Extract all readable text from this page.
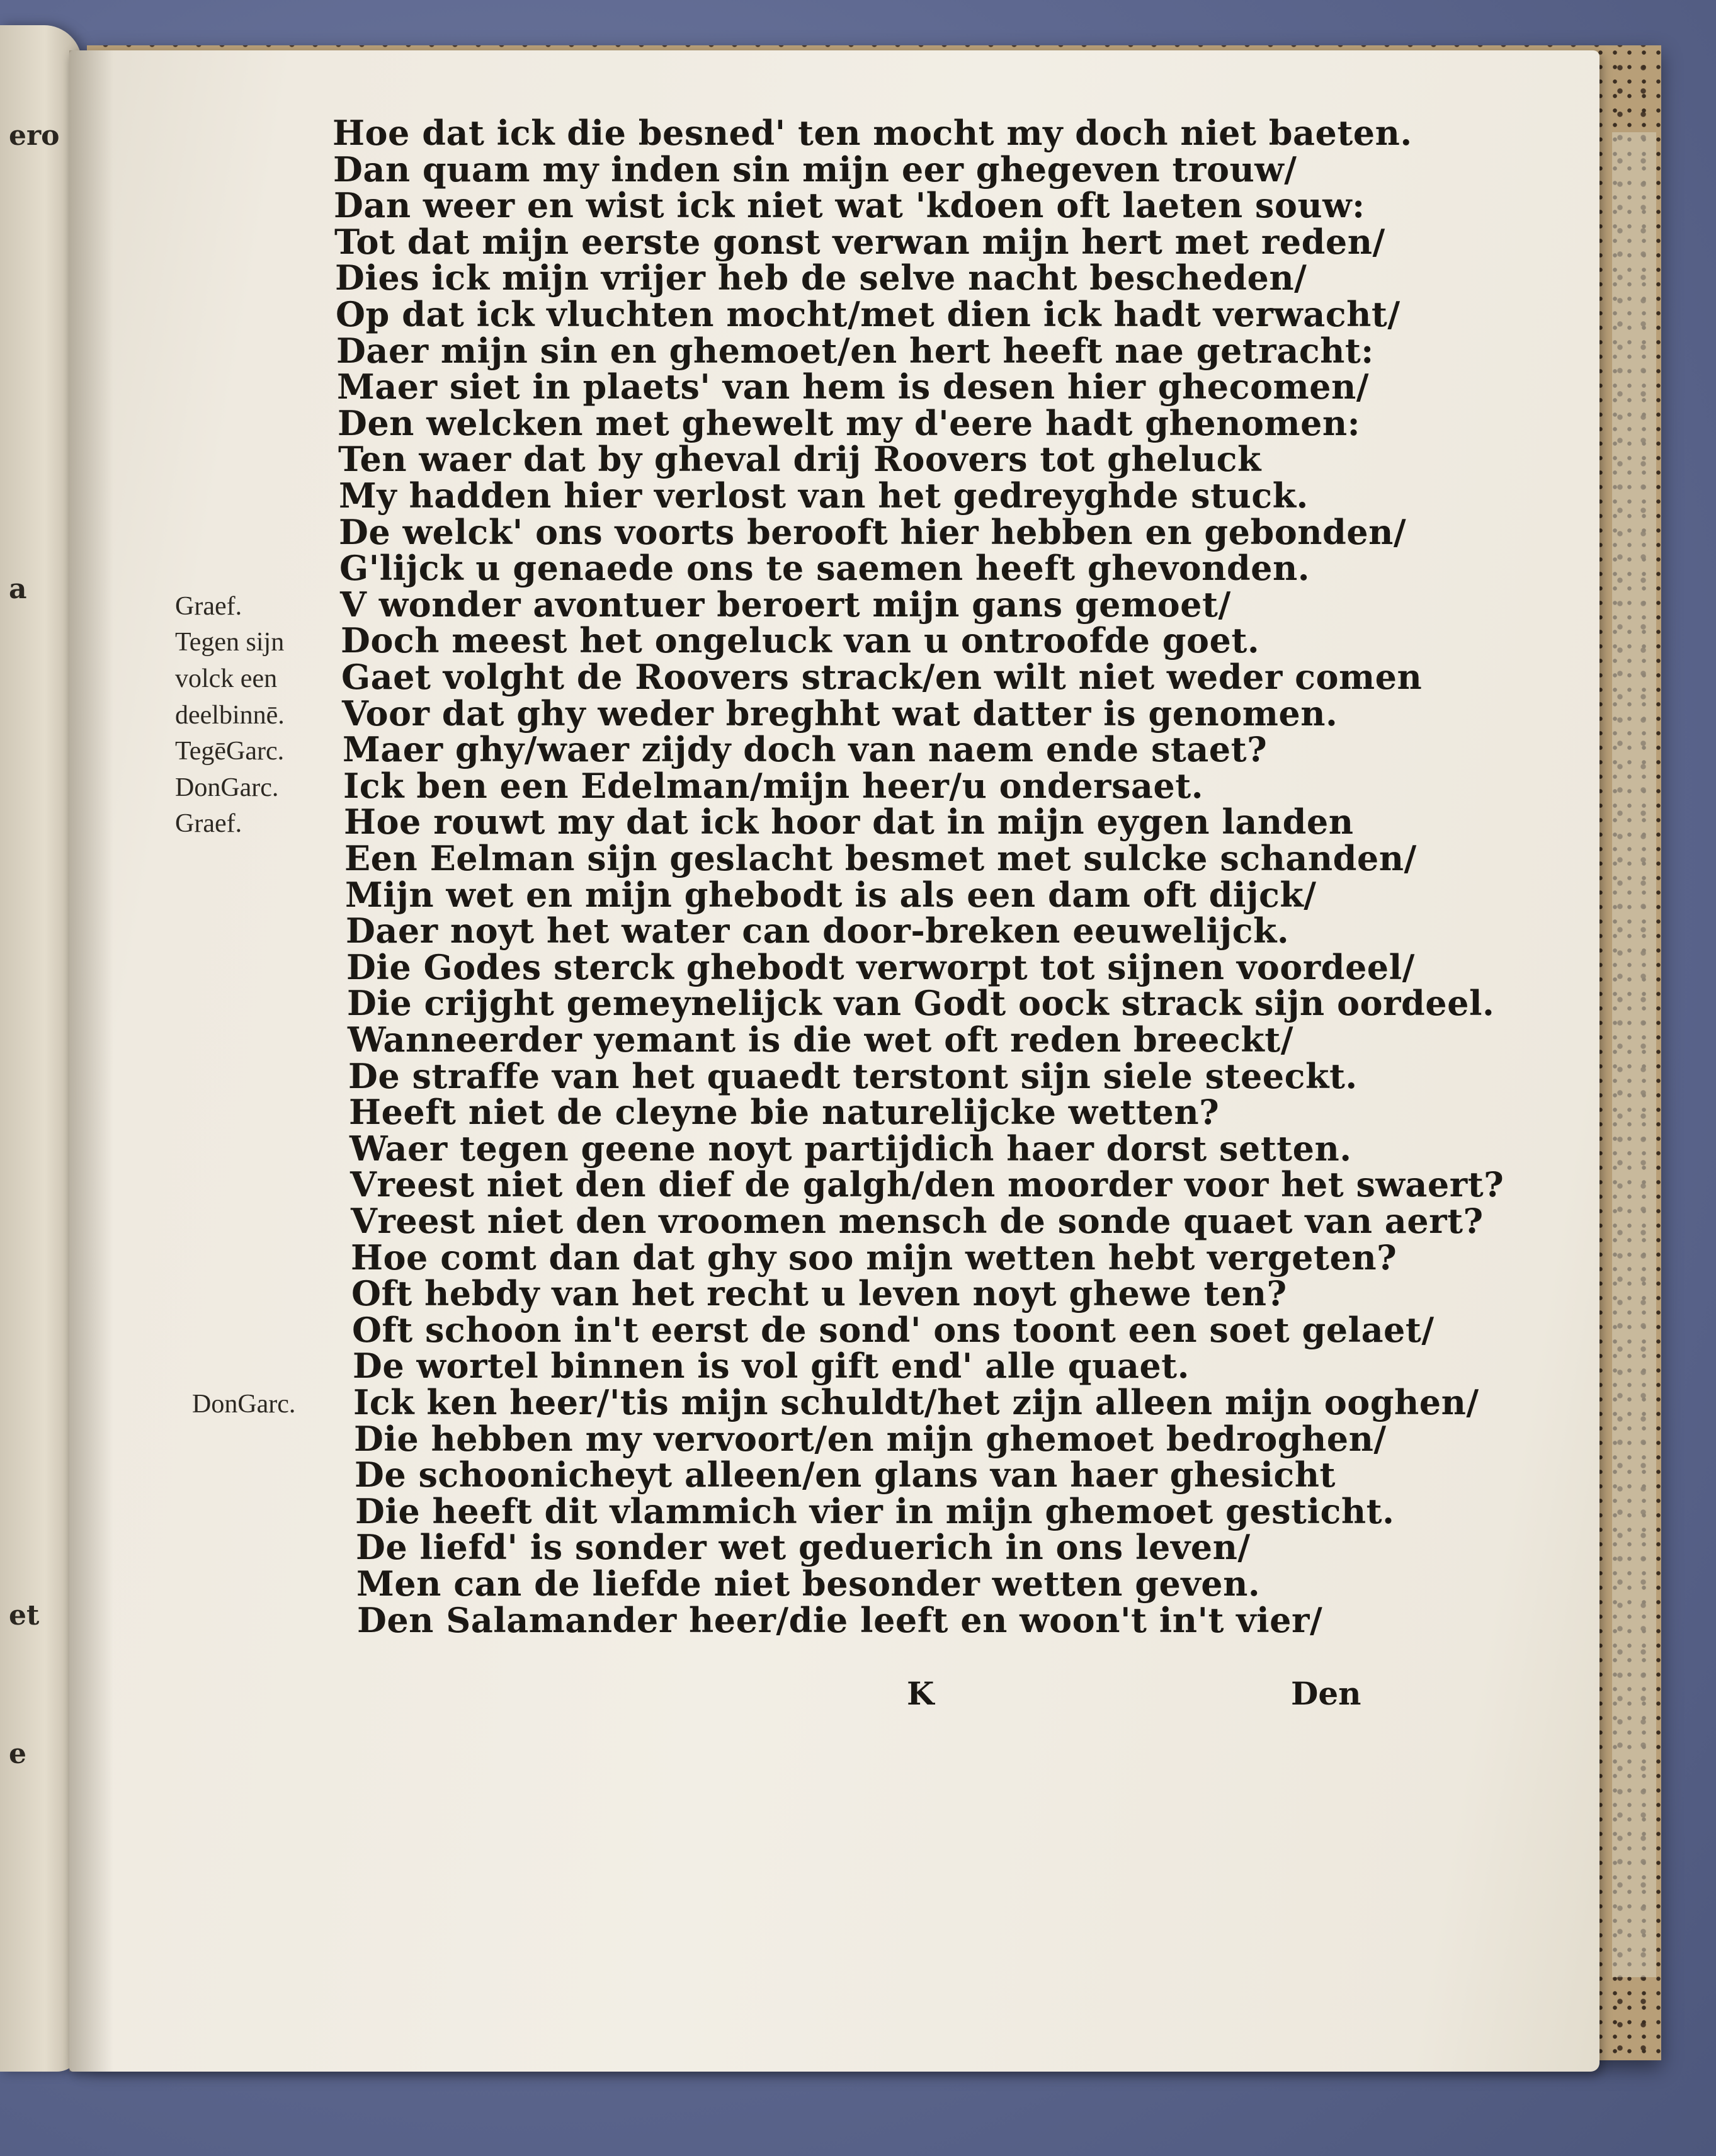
ero
a
et
e
Hoe dat ick die besned' ten mocht my doch niet baeten.
Dan quam my inden sin mijn eer ghegeven trouw/
Dan weer en wist ick niet wat 'kdoen oft laeten souw:
Tot dat mijn eerste gonst verwan mijn hert met reden/
Dies ick mijn vrijer heb de selve nacht bescheden/
Op dat ick vluchten mocht/met dien ick hadt verwacht/
Daer mijn sin en ghemoet/en hert heeft nae getracht:
Maer siet in plaets' van hem is desen hier ghecomen/
Den welcken met ghewelt my d'eere hadt ghenomen:
Ten waer dat by gheval drij Roovers tot gheluck
My hadden hier verlost van het gedreyghde stuck.
De welck' ons voorts berooft hier hebben en gebonden/
G'lijck u genaede ons te saemen heeft ghevonden.
V wonder avontuer beroert mijn gans gemoet/
Doch meest het ongeluck van u ontroofde goet.
Gaet volght de Roovers strack/en wilt niet weder comen
Voor dat ghy weder breghht wat datter is genomen.
Maer ghy/waer zijdy doch van naem ende staet?
Ick ben een Edelman/mijn heer/u ondersaet.
Hoe rouwt my dat ick hoor dat in mijn eygen landen
Een Eelman sijn geslacht besmet met sulcke schanden/
Mijn wet en mijn ghebodt is als een dam oft dijck/
Daer noyt het water can door-breken eeuwelijck.
Die Godes sterck ghebodt verworpt tot sijnen voordeel/
Die crijght gemeynelijck van Godt oock strack sijn oordeel.
Wanneerder yemant is die wet oft reden breeckt/
De straffe van het quaedt terstont sijn siele steeckt.
Heeft niet de cleyne bie naturelijcke wetten?
Waer tegen geene noyt partijdich haer dorst setten.
Vreest niet den dief de galgh/den moorder voor het swaert?
Vreest niet den vroomen mensch de sonde quaet van aert?
Hoe comt dan dat ghy soo mijn wetten hebt vergeten?
Oft hebdy van het recht u leven noyt ghewe ten?
Oft schoon in't eerst de sond' ons toont een soet gelaet/
De wortel binnen is vol gift end' alle quaet.
Ick ken heer/'tis mijn schuldt/het zijn alleen mijn ooghen/
Die hebben my vervoort/en mijn ghemoet bedroghen/
De schoonicheyt alleen/en glans van haer ghesicht
Die heeft dit vlammich vier in mijn ghemoet gesticht.
De liefd' is sonder wet geduerich in ons leven/
Men can de liefde niet besonder wetten geven.
Den Salamander heer/die leeft en woon't in't vier/
Graef.
Tegen sijn
volck een
deelbinnē.
TegēGarc.
DonGarc.
Graef.
DonGarc.
K	Den
